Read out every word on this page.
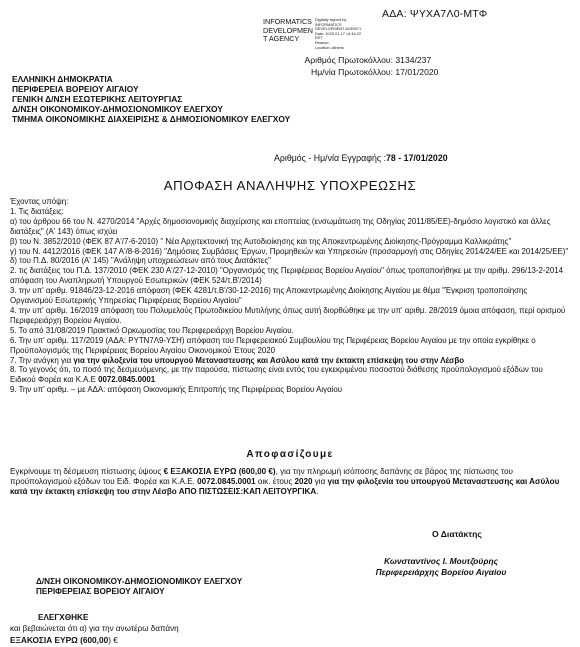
ΑΔΑ: ΨΥΧΑ7Λ0-ΜΤΦ
INFORMATICS
DEVELOPMEN
T AGENCY
Digitally signed by
INFORMATICS
DEVELOPMENT AGENCY
Date: 2020.01.17 14:44:22
EET
Reason:
Location: Athens
Αριθμός Πρωτοκόλλου: 3134/237
Ημ/νία Πρωτοκόλλου: 17/01/2020
ΕΛΛΗΝΙΚΗ ΔΗΜΟΚΡΑΤΙΑ
ΠΕΡΙΦΕΡΕΙΑ ΒΟΡΕΙΟΥ ΑΙΓΑΙΟΥ
ΓΕΝΙΚΗ Δ/ΝΣΗ ΕΣΩΤΕΡΙΚΗΣ ΛΕΙΤΟΥΡΓΙΑΣ
Δ/ΝΣΗ ΟΙΚΟΝΟΜΙΚΟΥ-ΔΗΜΟΣΙΟΝΟΜΙΚΟΥ ΕΛΕΓΧΟΥ
ΤΜΗΜΑ ΟΙΚΟΝΟΜΙΚΗΣ ΔΙΑΧΕΙΡΙΣΗΣ & ΔΗΜΟΣΙΟΝΟΜΙΚΟΥ ΕΛΕΓΧΟΥ
Αριθμός - Ημ/νία Εγγραφής :78 - 17/01/2020
ΑΠΟΦΑΣΗ ΑΝΑΛΗΨΗΣ ΥΠΟΧΡΕΩΣΗΣ

Έχοντας υπόψη:

1. Τις διατάξεις:

α) του άρθρου 66 του Ν. 4270/2014 "Αρχές δημοσιονομικής διαχείρισης και εποπτείας (ενσωμάτωση της Οδηγίας 2011/85/ΕΕ)-δημόσιο λογιστικό και άλλες διατάξεις" (Α' 143) όπως ισχύει

β) του Ν. 3852/2010 (ΦΕΚ 87 Α'/7-6-2010) " Νέα Αρχιτεκτονική της Αυτοδιοίκησης και της Αποκεντρωμένης Διοίκησης-Πρόγραμμα Καλλικράτης"

γ) του Ν. 4412/2016 (ΦΕΚ 147 Α'/8-8-2016) "Δημόσιες Συμβάσεις Έργων, Προμηθειών και Υπηρεσιών (προσαρμογή στις Οδηγίες 2014/24/ΕΕ και 2014/25/ΕΕ)"

δ) του Π.Δ. 80/2016 (Α' 145) "Ανάληψη υποχρεώσεων από τους Διατάκτες"

2. τις διατάξεις του Π.Δ. 137/2010 (ΦΕΚ 230 Α'/27-12-2010) "Οργανισμός της Περιφέρειας Βορείου Αιγαίου" όπως τροποποιήθηκε με την αριθμ. 296/13-2-2014 απόφαση του Αναπληρωτή Υπουργού Εσωτερικών (ΦΕΚ 524/τ.Β'/2014)

3. την υπ' αριθμ. 91846/23-12-2016 απόφαση (ΦΕΚ 4281/τ.Β'/30-12-2016) της Αποκεντρωμένης Διοίκησης Αιγαίου με θέμα "Έγκριση τροποποίησης Οργανισμού Εσωτερικής Υπηρεσίας Περιφέρειας Βορείου Αιγαίου"

4. την υπ' αριθμ. 16/2019 απόφαση του Πολυμελούς Πρωτοδικείου Μυτιλήνης όπως αυτή διορθώθηκε με την υπ' αριθμ. 28/2019 όμοια απόφαση, περί ορισμού Περιφερειάρχη Βορείου Αιγαίου.

5. Το από 31/08/2019 Πρακτικό Ορκωμοσίας του Περιφερειάρχη Βορείου Αιγαίου.

6. Την υπ' αριθμ. 117/2019 (ΑΔΑ: ΡΥΤΝ7Λ9-ΥΣΗ) απόφαση του Περιφερειακού Συμβουλίου της Περιφέρειας Βορείου Αιγαίου με την οποία εγκρίθηκε ο Προϋπολογισμός της Περιφέρειας Βορείου Αιγαίου Οικονομικού Έτους 2020

7. Την ανάγκη για για την φιλοξενία του υπουργού Μεταναστευσης και Ασύλου κατά την έκτακτη επίσκεψη του στην Λέσβο

8. Το γεγονός ότι, το ποσό της δεσμευόμενης, με την παρούσα, πίστωσης είναι εντός του εγκεκριμένου ποσοστού διάθεσης προϋπολογισμού εξόδων του Ειδικού Φορέα και Κ.Α.Ε 0072.0845.0001

9. Την υπ' αριθμ. – με ΑΔΑ: απόφαση Οικονομικής Επιτροπής της Περιφέρειας Βορείου Αιγαίου

Αποφασίζουμε

Εγκρίνουμε τη δέσμευση πίστωσης ύψους € ΕΞΑΚΟΣΙΑ ΕΥΡΩ (600,00 €), για την πληρωμή ισόποσης δαπάνης σε βάρος της πίστωσης του προϋπολογισμού εξόδων του Ειδ. Φορέα και Κ.Α.Ε. 0072.0845.0001 οικ. έτους 2020 για για την φιλοξενία του υπουργού Μεταναστευσης και Ασύλου κατά την έκτακτη επίσκεψη του στην Λέσβο ΑΠΟ ΠΙΣΤΩΣΕΙΣ:ΚΑΠ ΛΕΙΤΟΥΡΓΙΚΑ.

Ο Διατάκτης
Κωνσταντίνος Ι. Μουτζούρης
Περιφερειάρχης Βορείου Αιγαίου
Δ/ΝΣΗ ΟΙΚΟΝΟΜΙΚΟΥ-ΔΗΜΟΣΙΟΝΟΜΙΚΟΥ ΕΛΕΓΧΟΥ
ΠΕΡΙΦΕΡΕΙΑΣ ΒΟΡΕΙΟΥ ΑΙΓΑΙΟΥ
ΕΛΕΓΧΘΗΚΕ
και βεβαιώνεται ότι α) για την ανωτέρω δαπάνη
ΕΞΑΚΟΣΙΑ ΕΥΡΩ (600,00) €
